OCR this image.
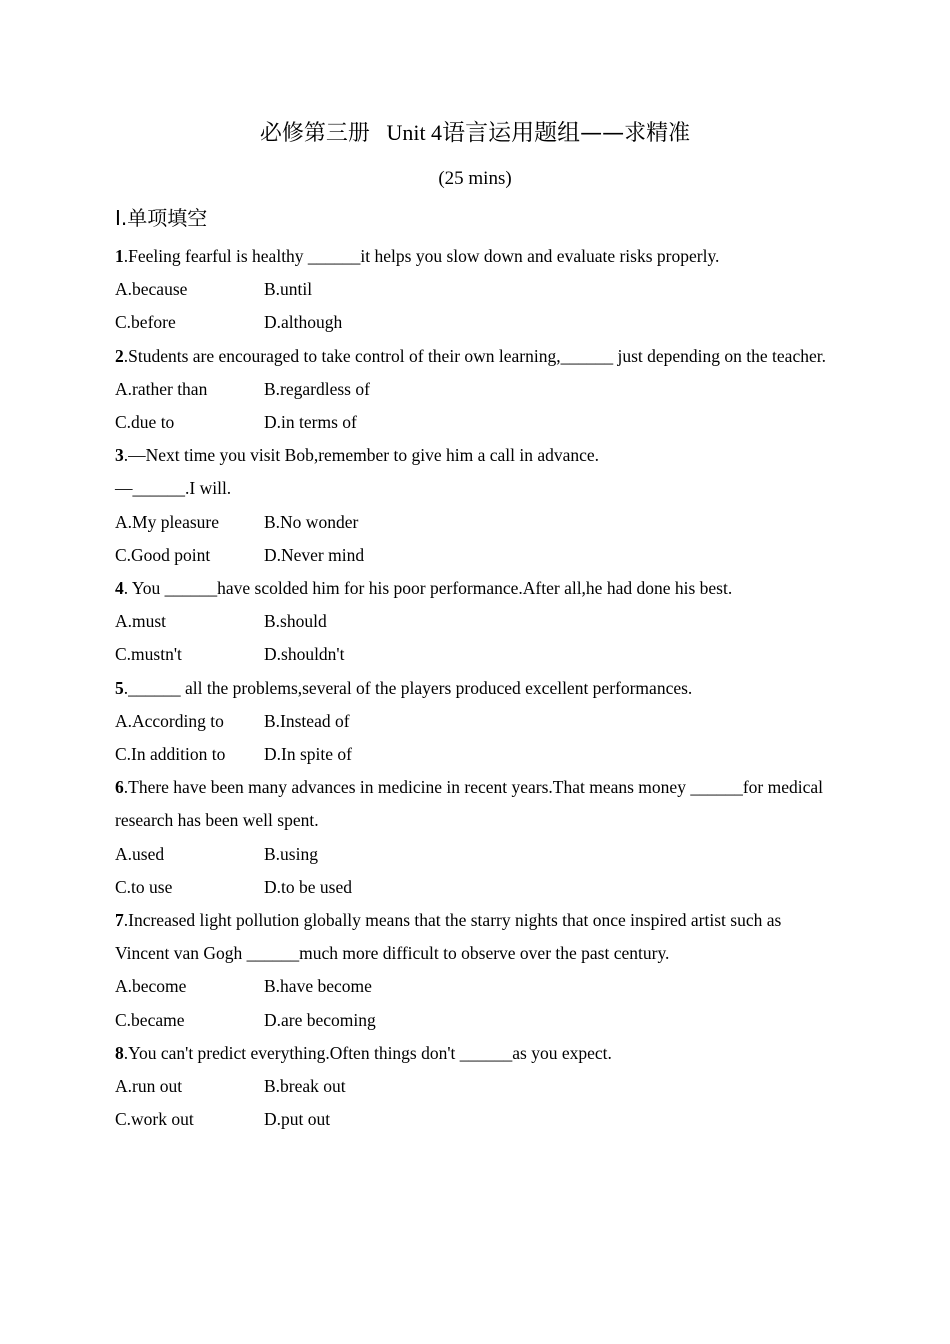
必修第三册 Unit 4语言运用题组——求精准
(25 mins)
Ⅰ.单项填空
1.Feeling fearful is healthy ______it helps you slow down and evaluate risks properly.
A.because	B.until
C.before	D.although
2.Students are encouraged to take control of their own learning,______ just depending on the teacher.
A.rather than	B.regardless of
C.due to	D.in terms of
3.—Next time you visit Bob,remember to give him a call in advance.
—______.I will.
A.My pleasure	B.No wonder
C.Good point	D.Never mind
4. You ______have scolded him for his poor performance.After all,he had done his best.
A.must	B.should
C.mustn't	D.shouldn't
5.______ all the problems,several of the players produced excellent performances.
A.According to	B.Instead of
C.In addition to	D.In spite of
6.There have been many advances in medicine in recent years.That means money ______for medical research has been well spent.
A.used	B.using
C.to use	D.to be used
7.Increased light pollution globally means that the starry nights that once inspired artist such as Vincent van Gogh ______much more difficult to observe over the past century.
A.become	B.have become
C.became	D.are becoming
8.You can't predict everything.Often things don't ______as you expect.
A.run out	B.break out
C.work out	D.put out
